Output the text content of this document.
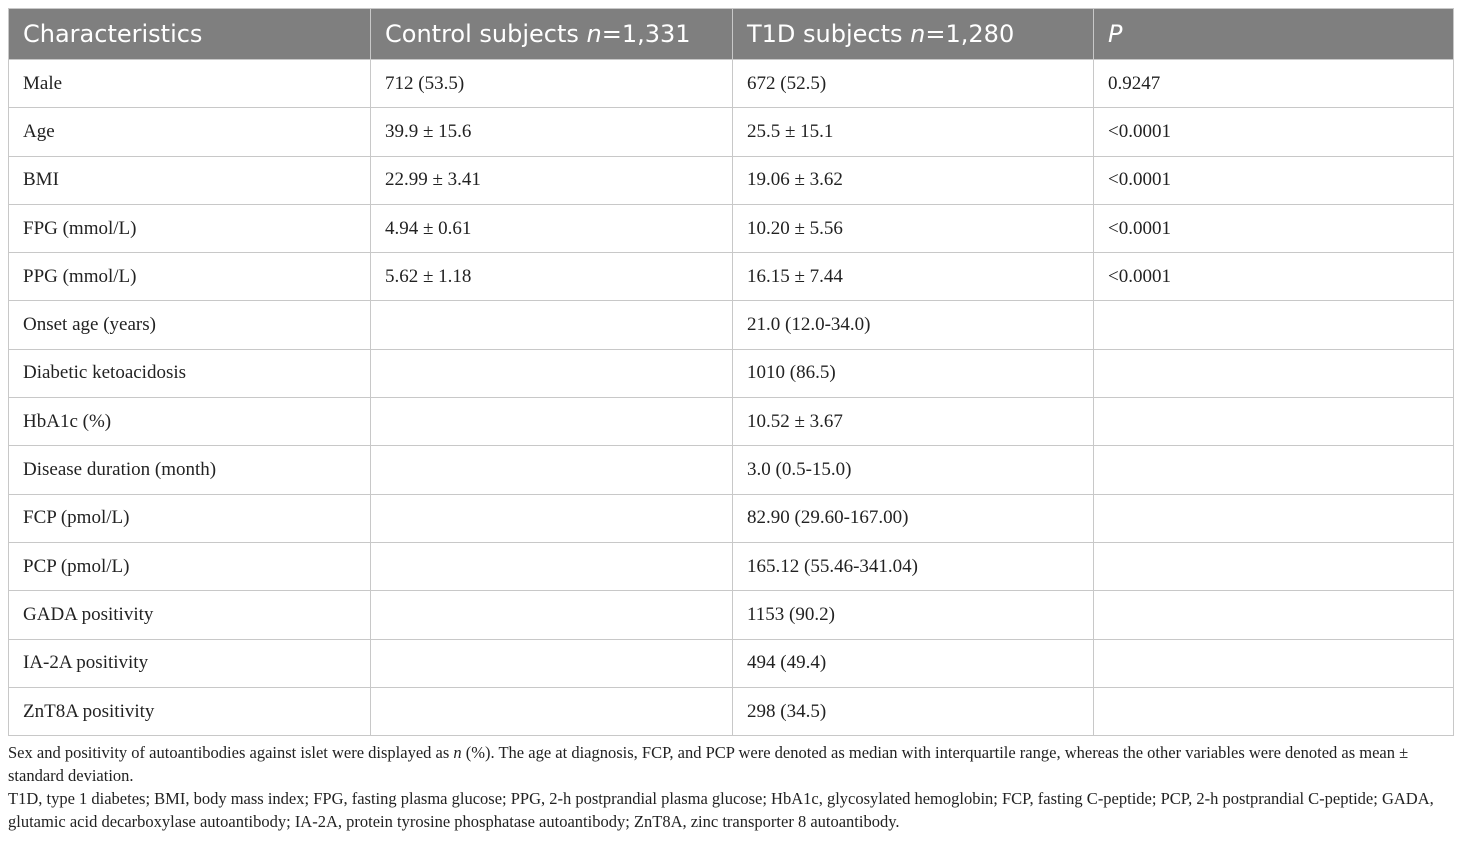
Characteristics	Control subjects n=1,331	T1D subjects n=1,280	P
Male	712 (53.5)	672 (52.5)	0.9247
Age	39.9 ± 15.6	25.5 ± 15.1	<0.0001
BMI	22.99 ± 3.41	19.06 ± 3.62	<0.0001
FPG (mmol/L)	4.94 ± 0.61	10.20 ± 5.56	<0.0001
PPG (mmol/L)	5.62 ± 1.18	16.15 ± 7.44	<0.0001
Onset age (years)		21.0 (12.0-34.0)	
Diabetic ketoacidosis		1010 (86.5)	
HbA1c (%)		10.52 ± 3.67	
Disease duration (month)		3.0 (0.5-15.0)	
FCP (pmol/L)		82.90 (29.60-167.00)	
PCP (pmol/L)		165.12 (55.46-341.04)	
GADA positivity		1153 (90.2)	
IA-2A positivity		494 (49.4)	
ZnT8A positivity		298 (34.5)	

Sex and positivity of autoantibodies against islet were displayed as n (%). The age at diagnosis, FCP, and PCP were denoted as median with interquartile range, whereas the other variables were denoted as mean ± standard deviation.

T1D, type 1 diabetes; BMI, body mass index; FPG, fasting plasma glucose; PPG, 2-h postprandial plasma glucose; HbA1c, glycosylated hemoglobin; FCP, fasting C-peptide; PCP, 2-h postprandial C-peptide; GADA, glutamic acid decarboxylase autoantibody; IA-2A, protein tyrosine phosphatase autoantibody; ZnT8A, zinc transporter 8 autoantibody.
